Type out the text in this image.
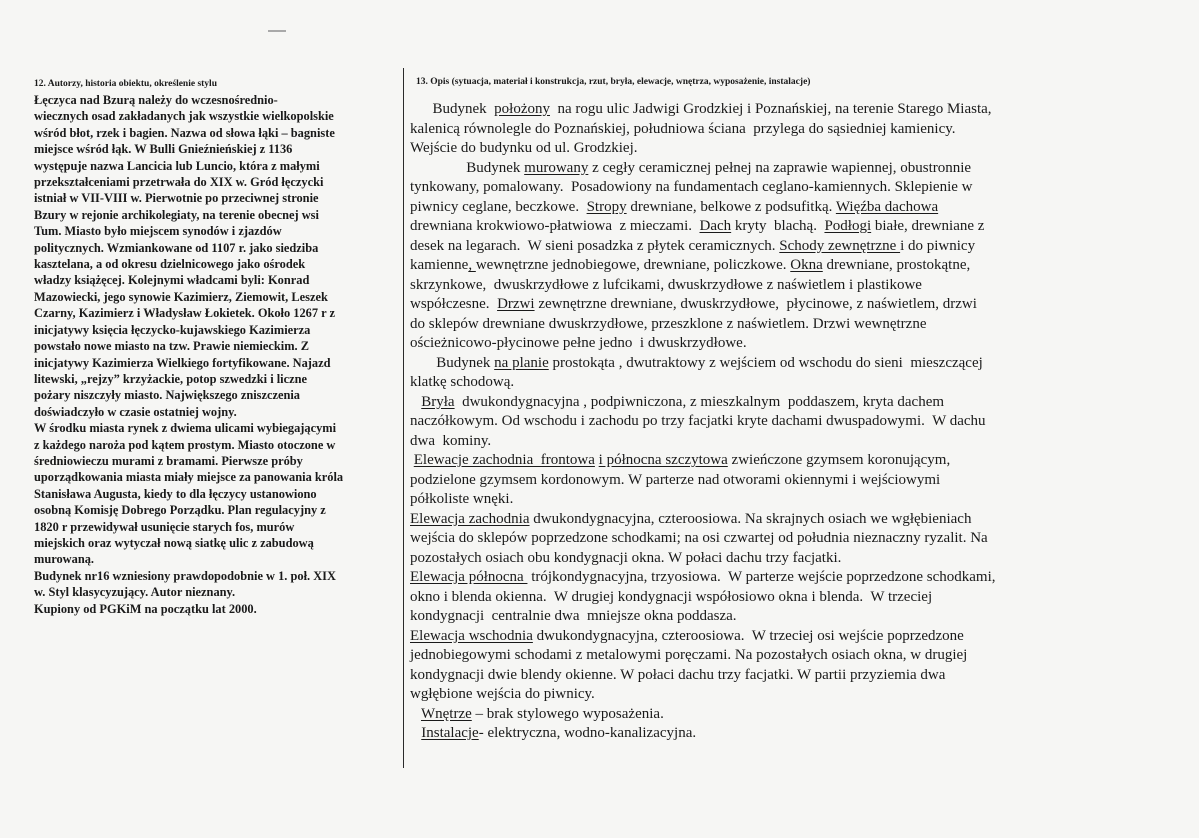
12. Autorzy, historia obiektu, określenie stylu
Łęczyca nad Bzurą należy do wczesnośrednio-
wiecznych osad zakładanych jak wszystkie wielkopolskie
wśród błot, rzek i bagien. Nazwa od słowa łąki – bagniste
miejsce wśród łąk. W Bulli Gnieźnieńskiej z 1136
występuje nazwa Lancicia lub Luncio, która z małymi
przekształceniami przetrwała do XIX w. Gród łęczycki
istniał w VII-VIII w. Pierwotnie po przeciwnej stronie
Bzury w rejonie archikolegiaty, na terenie obecnej wsi
Tum. Miasto było miejscem synodów i zjazdów
politycznych. Wzmiankowane od 1107 r. jako siedziba
kasztelana, a od okresu dzielnicowego jako ośrodek
władzy książęcej. Kolejnymi władcami byli: Konrad
Mazowiecki, jego synowie Kazimierz, Ziemowit, Leszek
Czarny, Kazimierz i Władysław Łokietek. Około 1267 r z
inicjatywy księcia łęczycko-kujawskiego Kazimierza
powstało nowe miasto na tzw. Prawie niemieckim. Z
inicjatywy Kazimierza Wielkiego fortyfikowane. Najazd
litewski, „rejzy” krzyżackie, potop szwedzki i liczne
pożary niszczyły miasto. Największego zniszczenia
doświadczyło w czasie ostatniej wojny.
W środku miasta rynek z dwiema ulicami wybiegającymi
z każdego naroża pod kątem prostym. Miasto otoczone w
średniowieczu murami z bramami. Pierwsze próby
uporządkowania miasta miały miejsce za panowania króla
Stanisława Augusta, kiedy to dla łęczycy ustanowiono
osobną Komisję Dobrego Porządku. Plan regulacyjny z
1820 r przewidywał usunięcie starych fos, murów
miejskich oraz wytyczał nową siatkę ulic z zabudową
murowaną.
Budynek nr16 wzniesiony prawdopodobnie w 1. poł. XIX
w. Styl klasycyzujący. Autor nieznany.
Kupiony od PGKiM na początku lat 2000.
13. Opis (sytuacja, materiał i konstrukcja, rzut, bryła, elewacje, wnętrza, wyposażenie, instalacje)
Budynek  położony  na rogu ulic Jadwigi Grodzkiej i Poznańskiej, na terenie Starego Miasta,
kalenicą równolegle do Poznańskiej, południowa ściana  przylega do sąsiedniej kamienicy.
Wejście do budynku od ul. Grodzkiej.
Budynek murowany z cegły ceramicznej pełnej na zaprawie wapiennej, obustronnie
tynkowany, pomalowany.  Posadowiony na fundamentach ceglano-kamiennych. Sklepienie w
piwnicy ceglane, beczkowe.  Stropy drewniane, belkowe z podsufitką. Więźba dachowa
drewniana krokwiowo-płatwiowa  z mieczami.  Dach kryty  blachą.  Podłogi białe, drewniane z
desek na legarach.  W sieni posadzka z płytek ceramicznych. Schody zewnętrzne i do piwnicy
kamienne, wewnętrzne jednobiegowe, drewniane, policzkowe. Okna drewniane, prostokątne,
skrzynkowe,  dwuskrzydłowe z lufcikami, dwuskrzydłowe z naświetlem i plastikowe
współczesne.  Drzwi zewnętrzne drewniane, dwuskrzydłowe,  płycinowe, z naświetlem, drzwi
do sklepów drewniane dwuskrzydłowe, przeszklone z naświetlem. Drzwi wewnętrzne
ościeżnicowo-płycinowe pełne jedno  i dwuskrzydłowe.
Budynek na planie prostokąta , dwutraktowy z wejściem od wschodu do sieni  mieszczącej
klatkę schodową.
Bryła  dwukondygnacyjna , podpiwniczona, z mieszkalnym  poddaszem, kryta dachem
naczółkowym. Od wschodu i zachodu po trzy facjatki kryte dachami dwuspadowymi.  W dachu
dwa  kominy.
Elewacje zachodnia  frontowa i północna szczytowa zwieńczone gzymsem koronującym,
podzielone gzymsem kordonowym. W parterze nad otworami okiennymi i wejściowymi
półkoliste wnęki.
Elewacja zachodnia dwukondygnacyjna, czteroosiowa. Na skrajnych osiach we wgłębieniach
wejścia do sklepów poprzedzone schodkami; na osi czwartej od południa nieznaczny ryzalit. Na
pozostałych osiach obu kondygnacji okna. W połaci dachu trzy facjatki.
Elewacja północna  trójkondygnacyjna, trzyosiowa.  W parterze wejście poprzedzone schodkami,
okno i blenda okienna.  W drugiej kondygnacji współosiowo okna i blenda.  W trzeciej
kondygnacji  centralnie dwa  mniejsze okna poddasza.
Elewacja wschodnia dwukondygnacyjna, czteroosiowa.  W trzeciej osi wejście poprzedzone
jednobiegowymi schodami z metalowymi poręczami. Na pozostałych osiach okna, w drugiej
kondygnacji dwie blendy okienne. W połaci dachu trzy facjatki. W partii przyziemia dwa
wgłębione wejścia do piwnicy.
Wnętrze – brak stylowego wyposażenia.
Instalacje- elektryczna, wodno-kanalizacyjna.
